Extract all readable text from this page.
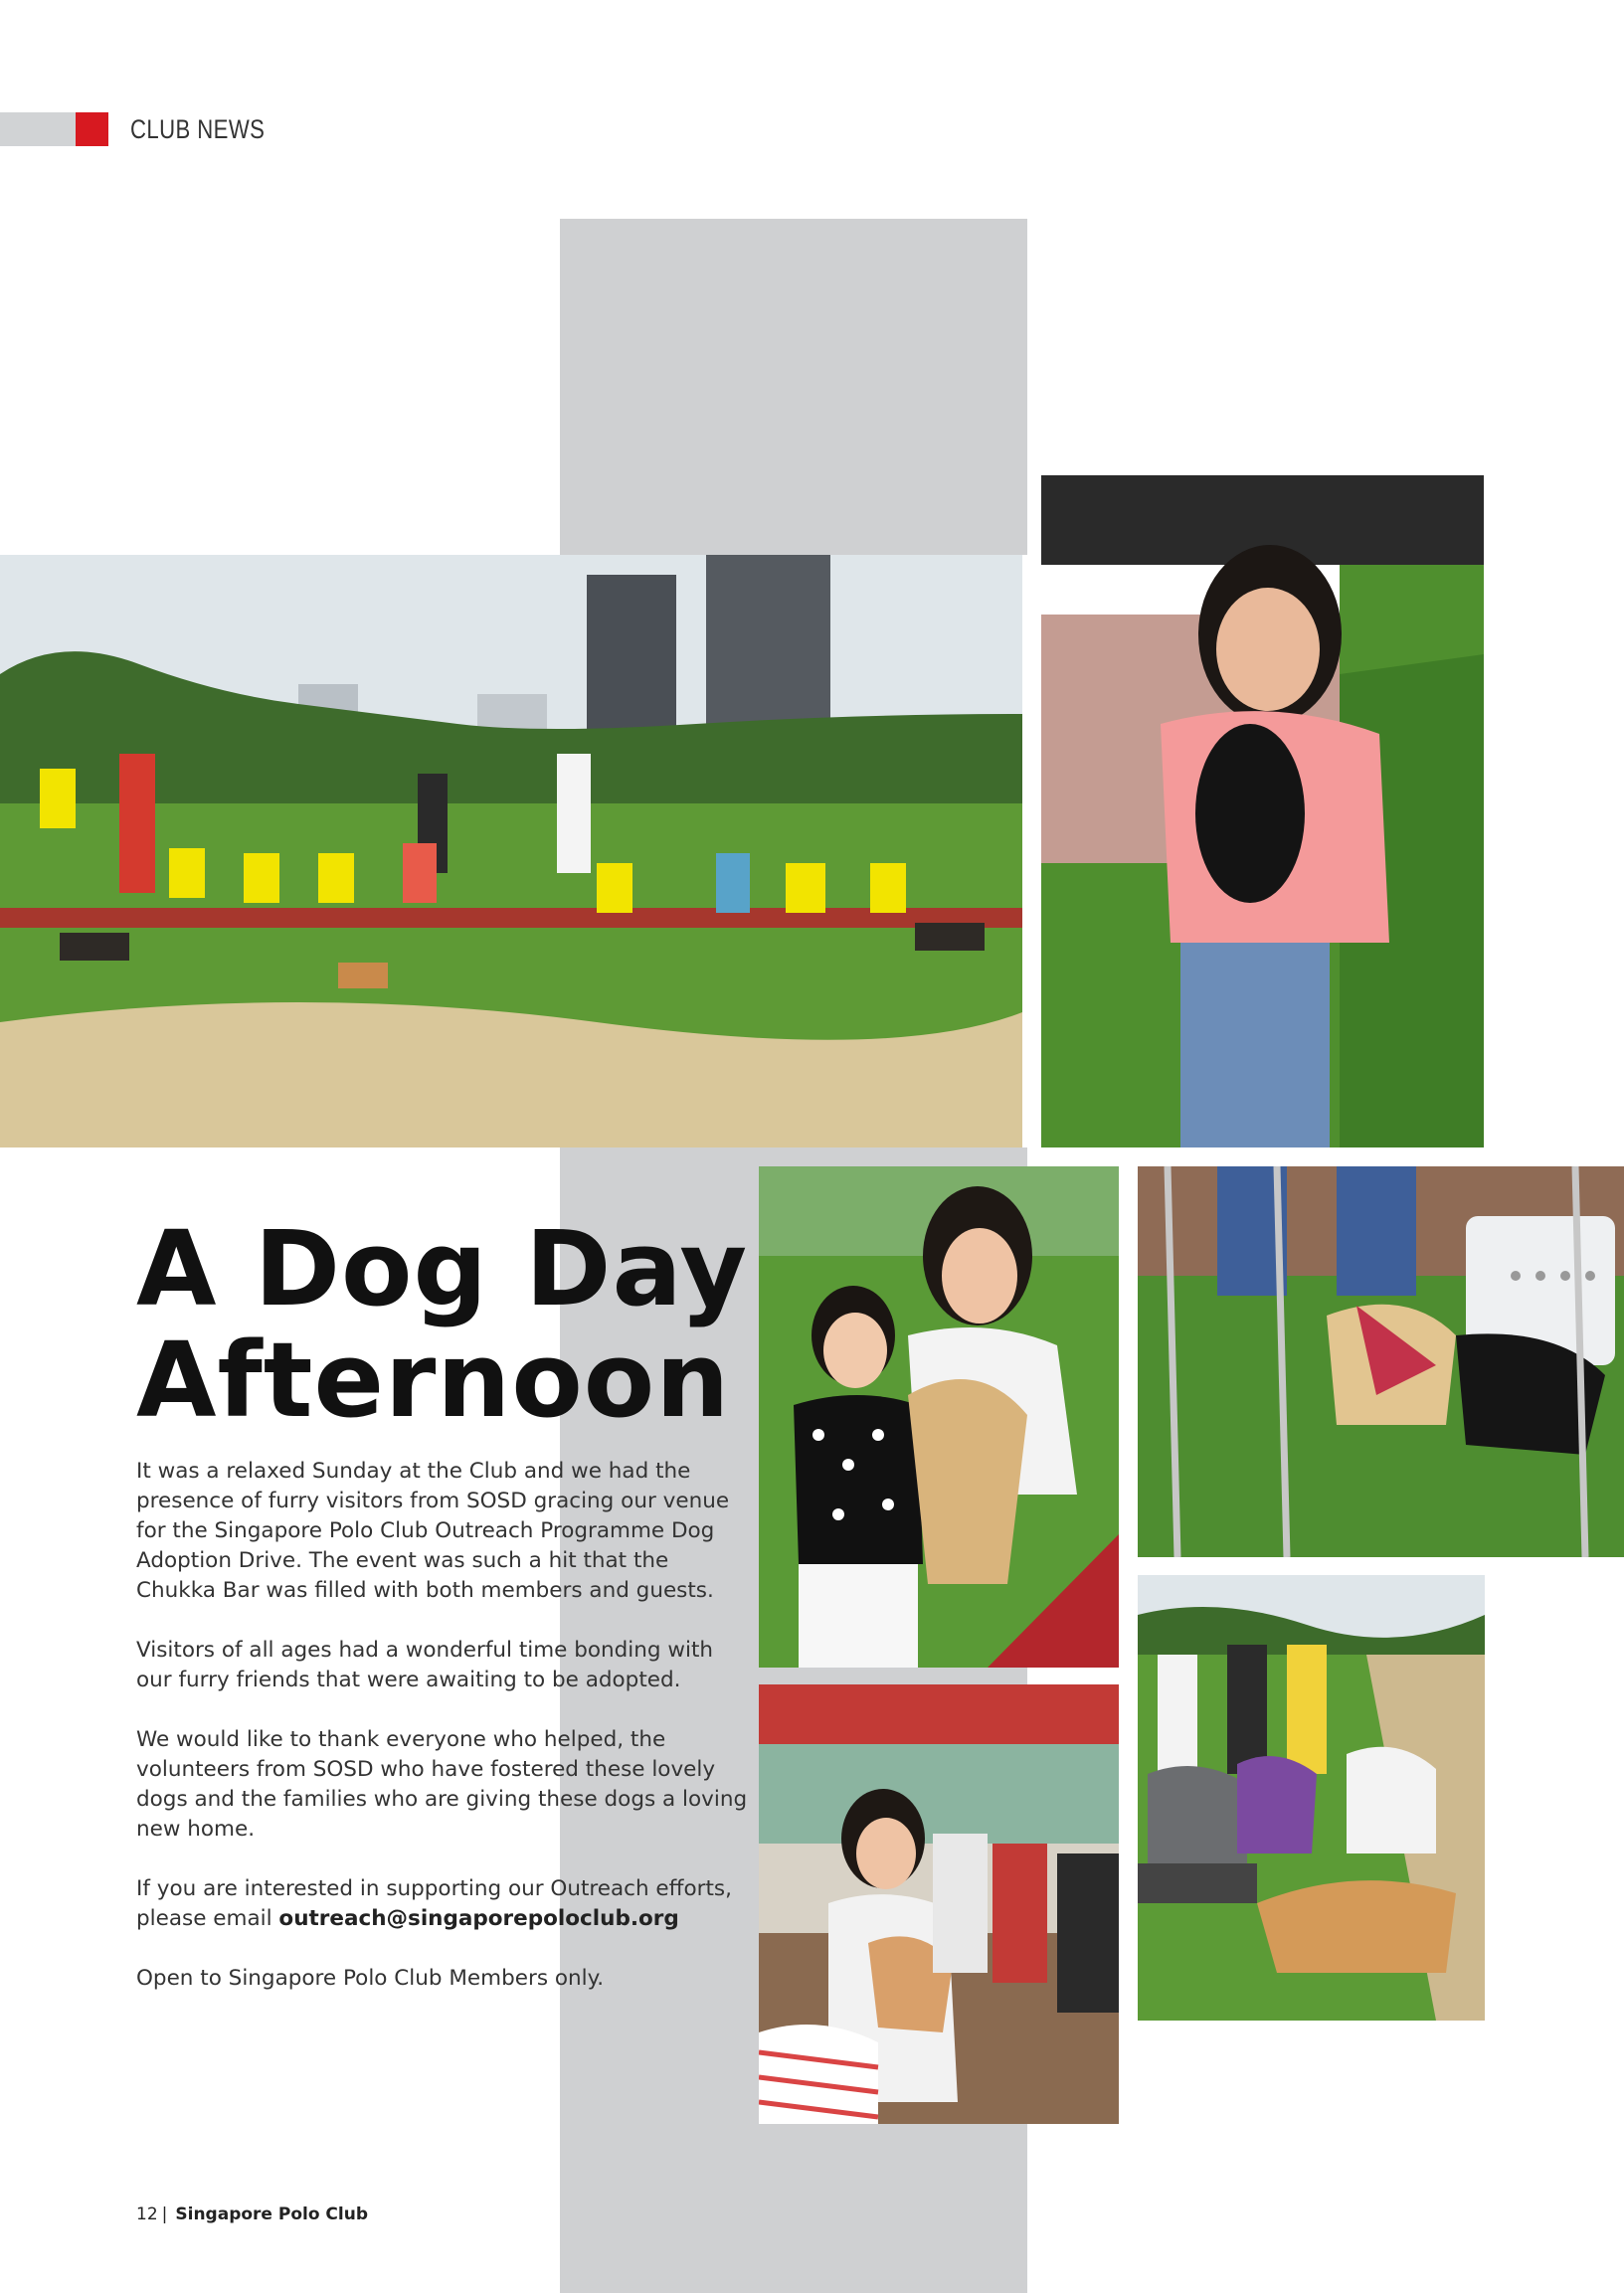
CLUB NEWS
A Dog Day
Afternoon

It was a relaxed Sunday at the Club and we had the presence of furry visitors from SOSD gracing our venue for the Singapore Polo Club Outreach Programme Dog Adoption Drive. The event was such a hit that the Chukka Bar was filled with both members and guests.

Visitors of all ages had a wonderful time bonding with our furry friends that were awaiting to be adopted.

We would like to thank everyone who helped, the volunteers from SOSD who have fostered these lovely dogs and the families who are giving these dogs a loving new home.

If you are interested in supporting our Outreach efforts, please email outreach@singaporepoloclub.org

Open to Singapore Polo Club Members only.

12 | Singapore Polo Club
